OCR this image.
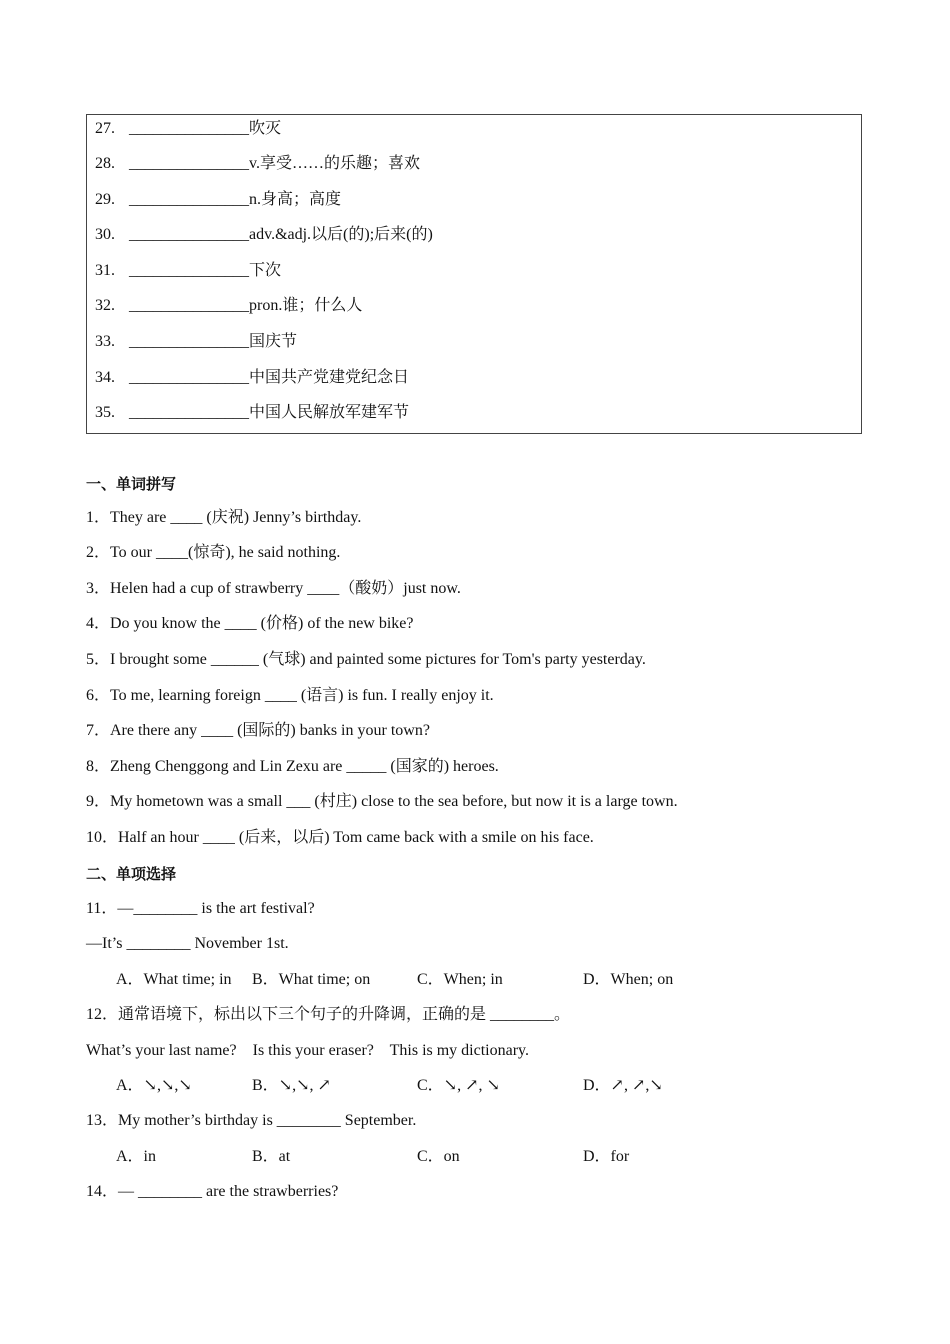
27. _______________吹灭
28. _______________v.享受……的乐趣；喜欢
29. _______________n.身高；高度
30. _______________adv.&adj.以后(的);后来(的)
31. _______________下次
32. _______________pron.谁；什么人
33. _______________国庆节
34. _______________中国共产党建党纪念日
35. _______________中国人民解放军建军节
一、单词拼写
1．They are ____ (庆祝) Jenny’s birthday.
2．To our ____(惊奇), he said nothing.
3．Helen had a cup of strawberry ____（酸奶）just now.
4．Do you know the ____ (价格) of the new bike?
5．I brought some ______ (气球) and painted some pictures for Tom's party yesterday.
6．To me, learning foreign ____ (语言) is fun. I really enjoy it.
7．Are there any ____ (国际的) banks in your town?
8．Zheng Chenggong and Lin Zexu are _____ (国家的) heroes.
9．My hometown was a small ___ (村庄) close to the sea before, but now it is a large town.
10．Half an hour ____ (后来，以后) Tom came back with a smile on his face.
二、单项选择
11．—________ is the art festival?
—It’s ________ November 1st.
A．What time; in B．What time; on	C．When; in	D．When; on
12．通常语境下，标出以下三个句子的升降调，正确的是 ________。
What’s your last name?    Is this your eraser?    This is my dictionary.
A．↘,↘,↘	B．↘,↘, ↗	C．↘, ↗, ↘	D．↗, ↗,↘
13．My mother’s birthday is ________ September.
A．in	B．at	C．on	D．for
14．— ________ are the strawberries?
